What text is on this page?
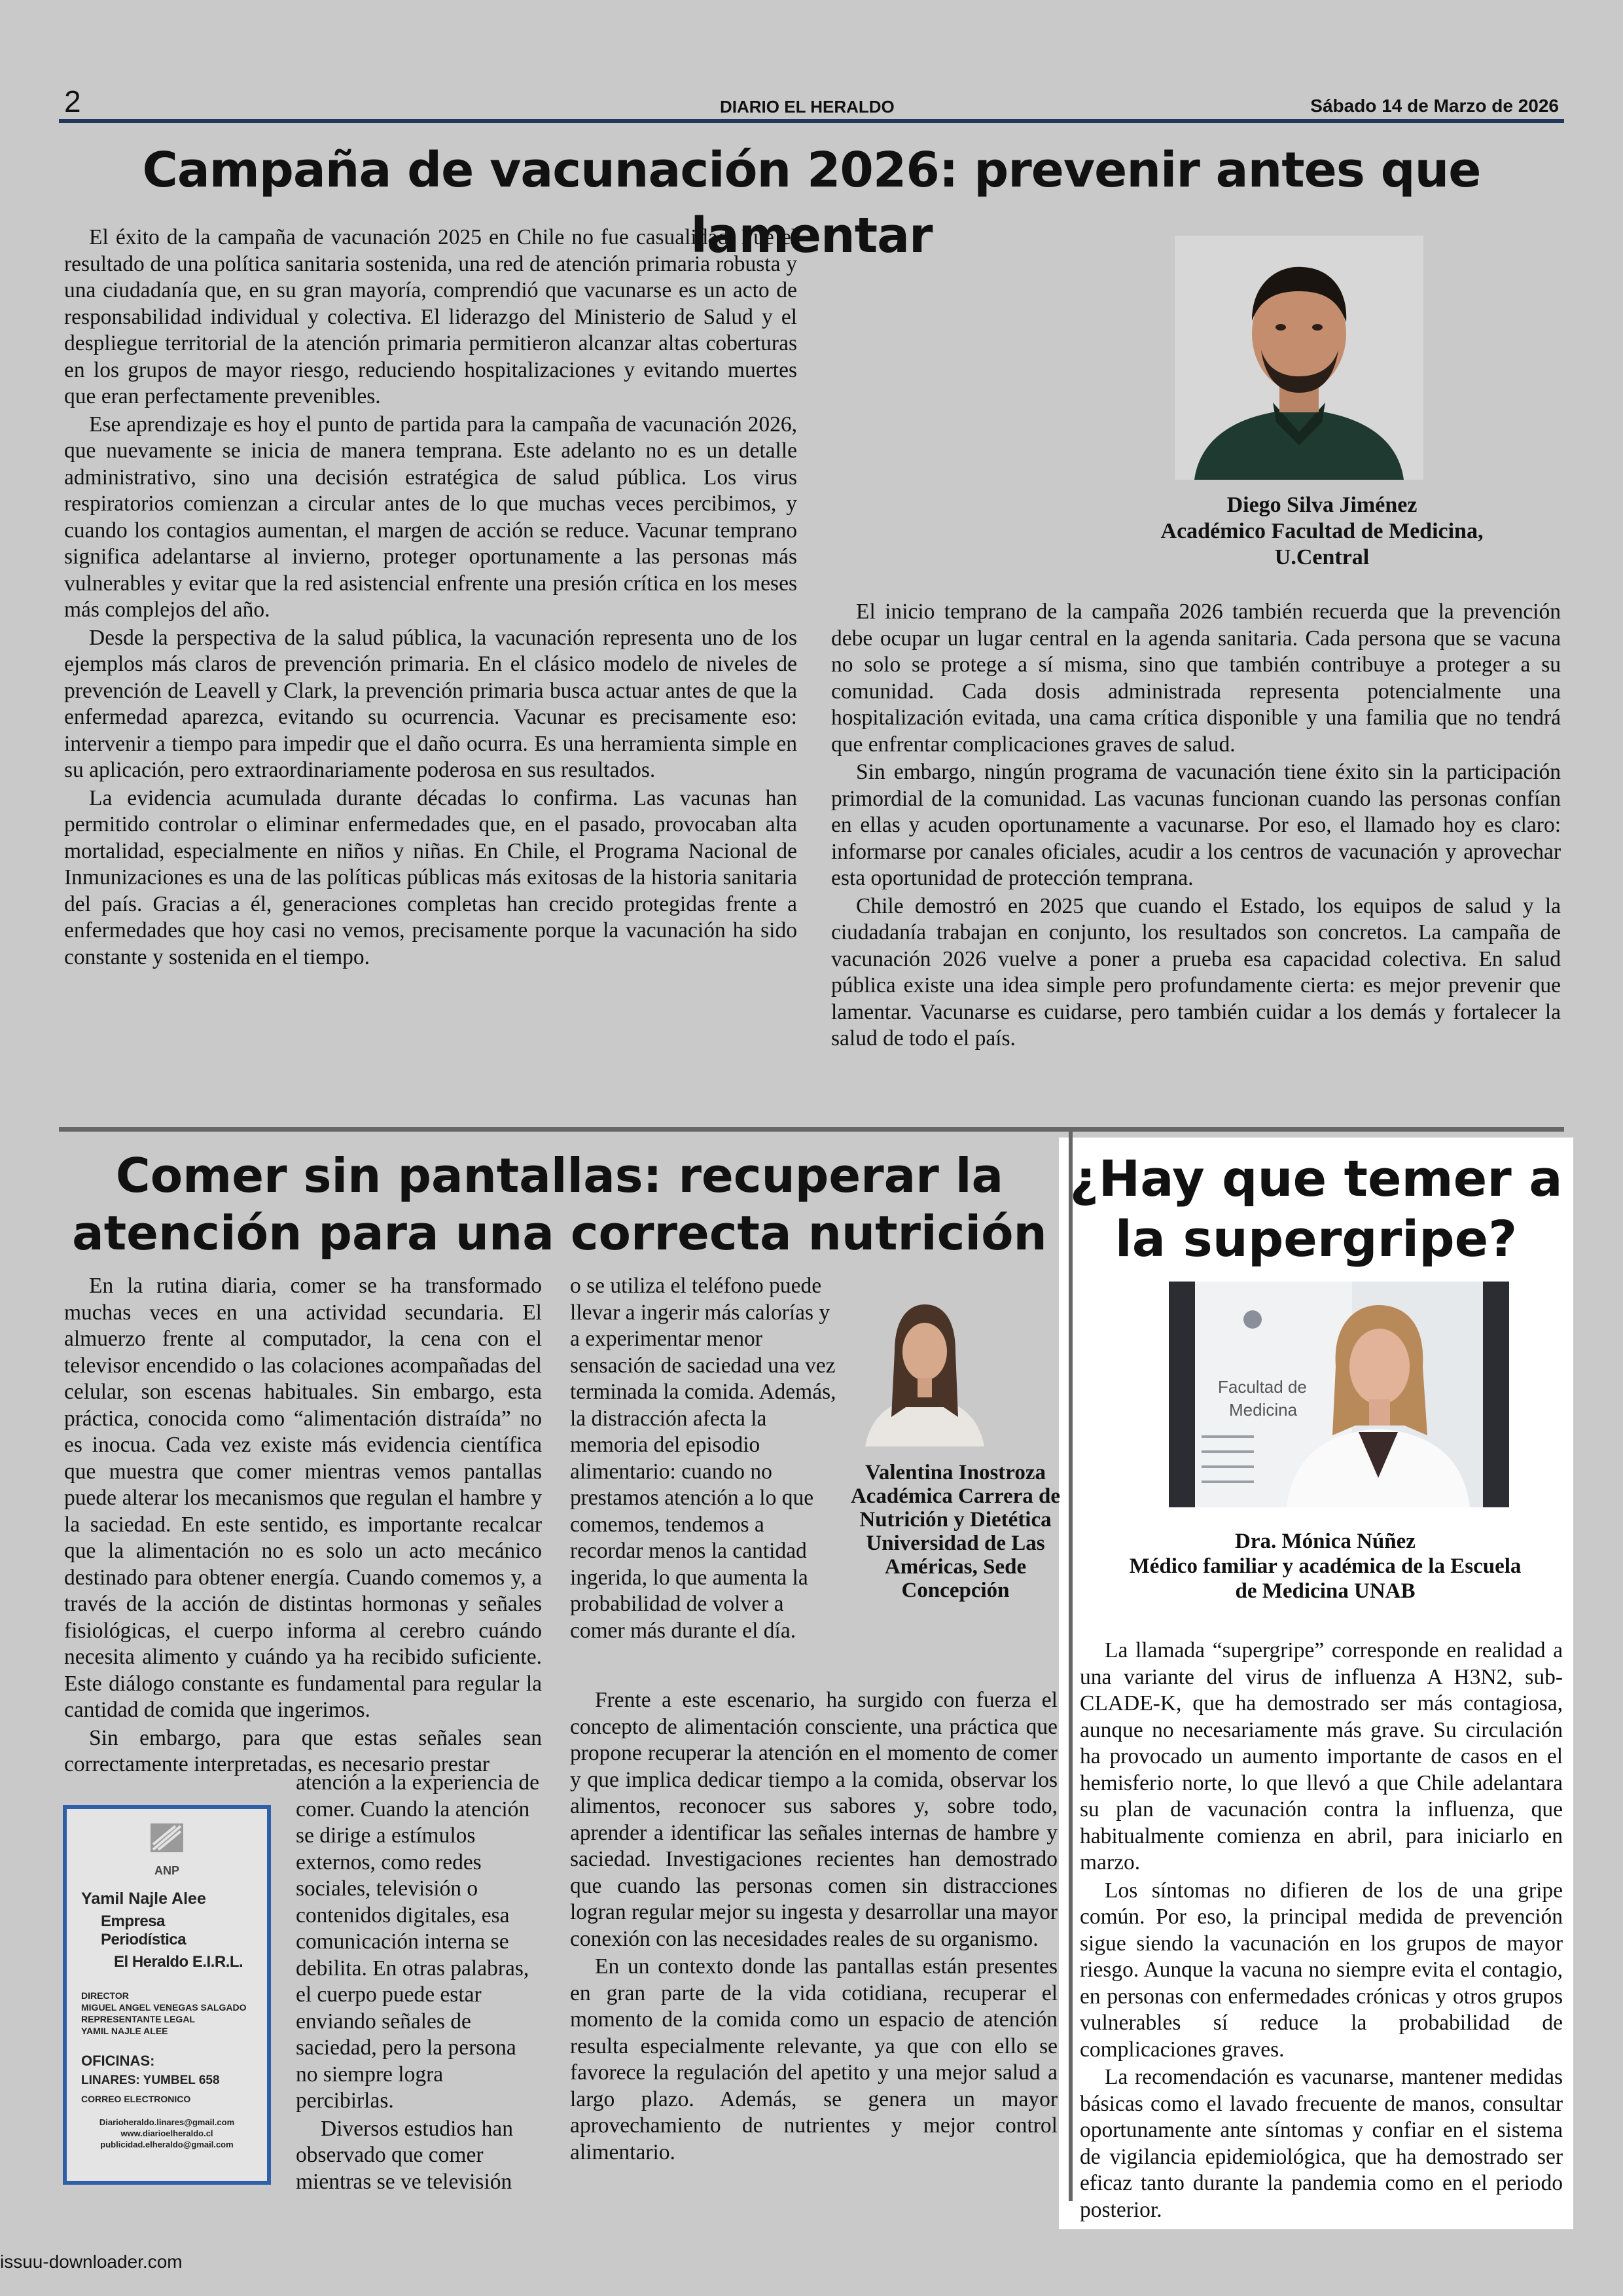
2	DIARIO EL HERALDO	Sábado 14 de Marzo de 2026
Campaña de vacunación 2026: prevenir antes que lamentar

El éxito de la campaña de vacunación 2025 en Chile no fue casualidad. Fue el resultado de una política sanitaria sostenida, una red de atención primaria robusta y una ciudadanía que, en su gran mayoría, comprendió que vacunarse es un acto de responsabilidad individual y colectiva. El liderazgo del Ministerio de Salud y el despliegue territorial de la atención primaria permitieron alcanzar altas coberturas en los grupos de mayor riesgo, reduciendo hospitalizaciones y evitando muertes que eran perfectamente prevenibles.

Ese aprendizaje es hoy el punto de partida para la campaña de vacunación 2026, que nuevamente se inicia de manera temprana. Este adelanto no es un detalle administrativo, sino una decisión estratégica de salud pública. Los virus respiratorios comienzan a circular antes de lo que muchas veces percibimos, y cuando los contagios aumentan, el margen de acción se reduce. Vacunar temprano significa adelantarse al invierno, proteger oportunamente a las personas más vulnerables y evitar que la red asistencial enfrente una presión crítica en los meses más complejos del año.

Desde la perspectiva de la salud pública, la vacunación representa uno de los ejemplos más claros de prevención primaria. En el clásico modelo de niveles de prevención de Leavell y Clark, la prevención primaria busca actuar antes de que la enfermedad aparezca, evitando su ocurrencia. Vacunar es precisamente eso: intervenir a tiempo para impedir que el daño ocurra. Es una herramienta simple en su aplicación, pero extraordinariamente poderosa en sus resultados.

La evidencia acumulada durante décadas lo confirma. Las vacunas han permitido controlar o eliminar enfermedades que, en el pasado, provocaban alta mortalidad, especialmente en niños y niñas. En Chile, el Programa Nacional de Inmunizaciones es una de las políticas públicas más exitosas de la historia sanitaria del país. Gracias a él, generaciones completas han crecido protegidas frente a enfermedades que hoy casi no vemos, precisamente porque la vacunación ha sido constante y sostenida en el tiempo.

Diego Silva Jiménez
Académico Facultad de Medicina,
U.Central

El inicio temprano de la campaña 2026 también recuerda que la prevención debe ocupar un lugar central en la agenda sanitaria. Cada persona que se vacuna no solo se protege a sí misma, sino que también contribuye a proteger a su comunidad. Cada dosis administrada representa potencialmente una hospitalización evitada, una cama crítica disponible y una familia que no tendrá que enfrentar complicaciones graves de salud.

Sin embargo, ningún programa de vacunación tiene éxito sin la participación primordial de la comunidad. Las vacunas funcionan cuando las personas confían en ellas y acuden oportunamente a vacunarse. Por eso, el llamado hoy es claro: informarse por canales oficiales, acudir a los centros de vacunación y aprovechar esta oportunidad de protección temprana.

Chile demostró en 2025 que cuando el Estado, los equipos de salud y la ciudadanía trabajan en conjunto, los resultados son concretos. La campaña de vacunación 2026 vuelve a poner a prueba esa capacidad colectiva. En salud pública existe una idea simple pero profundamente cierta: es mejor prevenir que lamentar. Vacunarse es cuidarse, pero también cuidar a los demás y fortalecer la salud de todo el país.

Comer sin pantallas: recuperar la
atención para una correcta nutrición

En la rutina diaria, comer se ha transformado muchas veces en una actividad secundaria. El almuerzo frente al computador, la cena con el televisor encendido o las colaciones acompañadas del celular, son escenas habituales. Sin embargo, esta práctica, conocida como “alimentación distraída” no es inocua. Cada vez existe más evidencia científica que muestra que comer mientras vemos pantallas puede alterar los mecanismos que regulan el hambre y la saciedad. En este sentido, es importante recalcar que la alimentación no es solo un acto mecánico destinado para obtener energía. Cuando comemos y, a través de la acción de distintas hormonas y señales fisiológicas, el cuerpo informa al cerebro cuándo necesita alimento y cuándo ya ha recibido suficiente. Este diálogo constante es fundamental para regular la cantidad de comida que ingerimos.

Sin embargo, para que estas señales sean correctamente interpretadas, es necesario prestar

atención a la experiencia de comer. Cuando la atención se dirige a estímulos externos, como redes sociales, televisión o contenidos digitales, esa comunicación interna se debilita. En otras palabras, el cuerpo puede estar enviando señales de saciedad, pero la persona no siempre logra percibirlas.

Diversos estudios han observado que comer mientras se ve televisión

ANP
Yamil Najle Alee
Empresa Periodística
El Heraldo E.I.R.L.
DIRECTOR
MIGUEL ANGEL VENEGAS SALGADO
REPRESENTANTE LEGAL
YAMIL NAJLE ALEE
OFICINAS:
LINARES: YUMBEL 658
CORREO ELECTRONICO
Diarioheraldo.linares@gmail.com
www.diarioelheraldo.cl
publicidad.elheraldo@gmail.com

o se utiliza el teléfono puede llevar a ingerir más calorías y a experimentar menor sensación de saciedad una vez terminada la comida. Además, la distracción afecta la memoria del episodio alimentario: cuando no prestamos atención a lo que comemos, tendemos a recordar menos la cantidad ingerida, lo que aumenta la probabilidad de volver a comer más durante el día.

Valentina Inostroza
Académica Carrera de Nutrición y Dietética
Universidad de Las Américas, Sede Concepción

Frente a este escenario, ha surgido con fuerza el concepto de alimentación consciente, una práctica que propone recuperar la atención en el momento de comer y que implica dedicar tiempo a la comida, observar los alimentos, reconocer sus sabores y, sobre todo, aprender a identificar las señales internas de hambre y saciedad. Investigaciones recientes han demostrado que cuando las personas comen sin distracciones logran regular mejor su ingesta y desarrollar una mayor conexión con las necesidades reales de su organismo.

En un contexto donde las pantallas están presentes en gran parte de la vida cotidiana, recuperar el momento de la comida como un espacio de atención resulta especialmente relevante, ya que con ello se favorece la regulación del apetito y una mejor salud a largo plazo. Además, se genera un mayor aprovechamiento de nutrientes y mejor control alimentario.

¿Hay que temer a
la supergripe?
Facultad de
Medicina
Dra. Mónica Núñez
Médico familiar y académica de la Escuela
de Medicina UNAB

La llamada “supergripe” corresponde en realidad a una variante del virus de influenza A H3N2, sub-CLADE-K, que ha demostrado ser más contagiosa, aunque no necesariamente más grave. Su circulación ha provocado un aumento importante de casos en el hemisferio norte, lo que llevó a que Chile adelantara su plan de vacunación contra la influenza, que habitualmente comienza en abril, para iniciarlo en marzo.

Los síntomas no difieren de los de una gripe común. Por eso, la principal medida de prevención sigue siendo la vacunación en los grupos de mayor riesgo. Aunque la vacuna no siempre evita el contagio, en personas con enfermedades crónicas y otros grupos vulnerables sí reduce la probabilidad de complicaciones graves.

La recomendación es vacunarse, mantener medidas básicas como el lavado frecuente de manos, consultar oportunamente ante síntomas y confiar en el sistema de vigilancia epidemiológica, que ha demostrado ser eficaz tanto durante la pandemia como en el periodo posterior.

issuu-downloader.com
